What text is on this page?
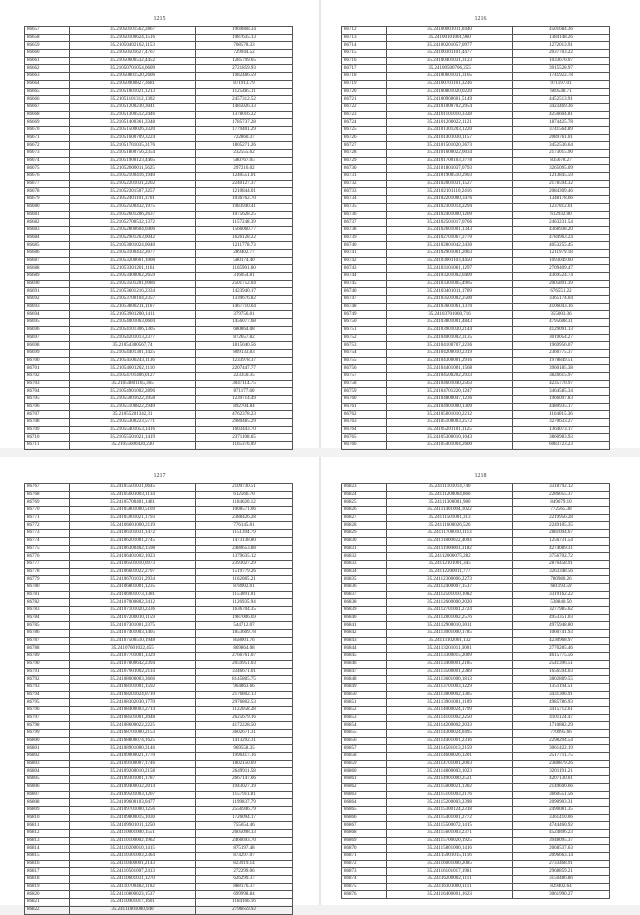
1215
86657	35.21050101562,2867	1969868.34
86658	35.21050100624,1516	1987635.13
86659	35.21050402162,1153	708578.33
86660	35.21050501627,4767	729944.52
86661	35.21050600532,4452	1285799.65
86662	35.21050701054,0609	2721859.93
86663	35.21050801520,2606	1982486.59
86664	35.21050900827,3681	871913.79
86665	35.21051001021,1213	1125485.11
86666	35.21051101312,1302	2457312.52
86667	35.21051200230,3041	1485026.33
86668	35.21051300512,2446	1378016.22
86669	35.21051400361,3348	1785737.28
86670	35.21051500026,3320	1779401.29
86671	35.21051600709,3224	722860.37
86672	35.21051701035,3176	1805271.26
86673	35.21051800756,2354	232555.62
86674	35.21051900123,4465	580767.05
86675	35.21052000011,5625	297216.02
86676	35.21052100416,1940	1240551.01
86677	35.21052201031,2202	2240127.37
86678	35.21052301507,3257	1210844.01
86679	35.21052401101,3701	1036762.70
86680	35.21052500432,1975	1983940.41
86681	35.21052601206,2637	1075628.25
86682	35.21052700532,1372	1157248.39
86683	35.21052800604,0406	1566060.77
86684	35.21052901263,0042	1626128.22
86685	35.21053001024,0040	1211778.73
86686	35.21053100432,2077	289402.77
86687	35.21053200601,1008	580174.40
86688	35.21053301201,1161	1165901.60
86689	35.21053400062,2659	316054.81
86690	35.21053501201,0986	2501752.04
86691	35.21053601216,2334	1423940.17
86692	35.21053700104,2357	1339676.82
86693	35.21053800211,1167	1467710.64
86694	35.21053901200,1411	379756.01
86695	35.21054001063,0604	1456077.68
86696	35.21054101306,1305	680864.08
86697	35.21054201013,2377	872657.82
86698	35.21054300567,74	1815040.56
86699	35.21054401301,1425	809133.83
86700	35.21054500243,1136	1233978.37
86701	35.21054601202,1110	2207447.77
86702	35.21054701406,0127	223350.35
86703	35.21054801165,365	3047114.75
86704	35.21054901002,2896	871177.60
86705	35.21055001622,3958	1239714.49
86706	35.21055100822,2940	892704.84
86707	35.21055201342,31	4762378.23
86708	35.21055300223,5771	2980485.29
86709	35.21055401053,1416	1603443.70
86710	35.21055501021,1419	2371108.65
86711	35.21055600420,230	1165376.09
1216
86712	35.24100001011,0440	4501684.36
86713	35.24100101001,960	1384148.26
86714	35.24100201057,0977	1272013.91
86715	35.24100301101,4477	2037703.22
86716	35.24100401031,3123	1033670.07
86717	35.24100500706,255	3915528.97
86718	35.24100601031,3105	1741922.78
86719	35.24100701161,3236	971197.01
86720	35.24100801020,0220	669548.71
86721	35.24100900601,5149	4452513.91
86722	35.24101000702,2954	3423469.36
86723	35.24101101010,3328	4256604.81
86724	35.24101200022,1121	1874425.78
86725	35.24101301203,1220	3741564.89
86726	35.24101401030,1157	2089761.01
86727	35.24101501020,3673	3452536.64
86728	35.24101600022,0034	2173015.90
86729	35.24101700103,3778	835678.27
86730	35.24101801037,0793	3265095.09
86731	35.24101900510,2903	1213845.59
86732	35.24102001031,1527	2178594.32
86733	35.24102101110,2416	2084309.46
86734	35.24102201000,3476	1348178.66
86735	35.24102301014,2294	1237812.61
86736	35.24102401000,1209	612932.00
86737	35.24102501017,0766	2463231.54
86738	35.24102601001,1343	4368938.20
86739	35.24102701067,2770	4784963.24
86740	35.24102801042,3430	4053255.45
86741	35.24102901001,2063	1211979.18
86742	35.24103001103,4450	1093049.60
86743	35.24103101061,1297	2709409.47
86744	35.24103201002,0409	4369524.74
86745	35.24103301005,4905	2005891.39
86746	35.24103401011,1709	676551.22
86747	35.24103501002,2500	3365174.04
86748	35.24103601061,1370	4106043.16
86749	35.24103701060,716	355003.36
86750	35.24103801001,4843	4795608.31
86751	35.24103901030,2144	4129091.13
86752	35.24104001002,3135	3019054.27
86753	35.24104100707,2236	1969956.07
86754	35.24104200010,2319	2360775.37
86755	35.24104300001,2916	1978849.51
86756	35.24104401001,1568	3960185.38
86757	35.24104500202,2933	3826615.97
86758	35.24104601040,2563	4235770.97
86759	35.24104701220,1247	3464585.34
86760	35.24104800047,1236	1966097.83
86761	35.24104901000,1309	4480935.17
86762	35.24105001010,2212	1164015.36
86763	35.24105100003,2572	3270633.27
86764	35.24105201101,1125	1364073.17
86765	35.24105300010,1043	3860983.93
86766	35.24105401004,2600	6083723.23
1217
86767	35.24105501031,0645	2109730.51
86768	35.24105601003,1134	612566.70
86769	35.24105700401,1481	1184620.12
86770	35.24105801000,5169	1008571.06
86771	35.24105901021,1793	2388426.28
86772	35.24106001000,2119	776145.01
86773	35.24106101031,1472	1151394.79
86774	35.24106201001,2745	1473138.80
86775	35.24106300402,1598	2480653.88
86776	35.24106401002,1023	1379635.12
86777	35.24106501010,0973	2393027.29
86778	35.24106601022,2797	1519779.26
86779	35.24106701031,2934	1162085.21
86780	35.24106801001,1235	878902.01
86781	35.24106901073,1381	1153891.01
86782	35.24107000802,3412	1126935.94
86783	35.24107101020,2336	1636704.35
86784	35.24107200010,1159	1987006.69
86785	35.24107301001,2375	544712.07
86786	35.24107401003,1405	1853609.78
86787	35.24107500510,1948	858001.76
86788	35.24107601022,455	869864.08
86789	35.24107701001,1329	2766761.07
86790	35.24107800642,2394	2059951.03
86791	35.24107901002,2114	3346671.01
86792	35.24108000003,3666	8145805.75
86793	35.24108101001,1592	964863.66
86794	35.24108201024,0710	2176802.13
86795	35.24108302030,1770	2976802.53
86796	35.24108400003,2714	1122058.28
86797	35.24108501001,2048	2625679.16
86798	35.24108600022,2225	4172228.50
86799	35.24108701000,2153	3602671.31
86800	35.24108800074,1625	1413292.31
86801	35.24108901000,3146	969558.35
86802	35.24109000021,1770	1996417.16
86803	35.24109100007,1746	1802150.69
86804	35.24109200010,2158	2649911.58
86805	35.24109301001,1787	2667147.66
86806	35.24109400032,2014	1943027.39
86807	35.24109501003,1207	1157911.81
86808	35.24109600103,0477	1199837.79
86809	35.24109701000,1256	2556946.79
86810	35.24109800015,1030	1726094.17
86811	35.24109901011,1250	755654.46
86812	35.24110001000,1551	2605098.33
86813	35.24110100002,1962	2466693.70
86814	35.24110200010,1415	875197.48
86815	35.24110301003,2364	874297.07
86816	35.24110400001,2143	823919.14
86817	35.24110501007,2413	272299.06
86818	35.24110601031,1270	626299.37
86819	35.24110700402,1102	888176.37
86820	35.24110800023,1537	699998.84
86821	35.24110901017,1601	1184166.16
86822	35.24111001000,940	2796659.92
1218
86823	35.24111101014,740	3318792.12
86824	35.24111200064,866	2286055.37
86825	35.24111300001,980	849679.10
86826	35.24111401004,1022	772565.38
86827	35.24111501001,313	2219956.28
86828	35.24111600026,526	2249105.35
86829	35.24111700010,1113	2881094.67
86830	35.24111800022,4094	1256731.54
86831	35.24111900001,3182	4274089.31
86832	35.24112000075,282	3756702.72
86833	35.24112101001,345	2876458.91
86834	35.24112200011,777	3263348.56
86835	35.24112300006,2273	780980.26
86836	35.24112400007,1537	681193.59
86837	35.24112501010,1082	3319162.22
86838	35.24112600000,2020	538840.50
86839	35.24112701001,2724	3277985.62
86840	35.24112801002,2576	4953351.03
86841	35.24112900010,3011	4975948.80
86842	35.24113001000,1785	1060741.93
86843	35.24113102001,132	4230968.97
86844	35.24113201011,3001	2770285.46
86845	35.24113300015,2009	4615775.56
86846	35.24113400001,2185	2541396.51
86847	35.24113500001,2389	1656594.03
86848	35.24113601000,1813	3802889.55
86849	35.24113701003,1229	1351194.51
86850	35.24113800002,1305	3431306.91
86851	35.24113901001,1109	4985786.93
86852	35.24114000024,1799	3415712.61
86853	35.24114101002,2250	4101124.47
86854	35.24114200002,2033	1710882.29
86855	35.24114300024,0495	770995.66
86856	35.24114401001,2316	2298294.54
86857	35.24114501013,2159	3061422.19
86858	35.24114600026,1201	2517711.75
86859	35.24114701001,2003	2388879.26
86860	35.24114800003,1023	3201191.21
86861	35.24114901000,2521	4207130.01
86862	35.24115000021,1302	2149600.66
86863	35.24115101003,2176	3660551.56
86864	35.24115200003,2398	2090903.31
86865	35.24115300124,2318	2490081.35
86866	35.24115401001,2772	3361410.66
86867	35.24115500072,1415	4744460.92
86868	35.24115601003,2371	4524896.23
86869	35.24115700020,1925	3948095.37
86870	35.24115801000,1416	2068537.63
86871	35.24115901015,1116	2096663.14
86872	35.24116001000,2085	2733468.91
86873	35.24116101017,1981	2968859.21
86874	35.24116200002,1111	3150486.86
86875	35.24116301000,1111	829402.64
86876	35.24116400001,1623	3061990.27
